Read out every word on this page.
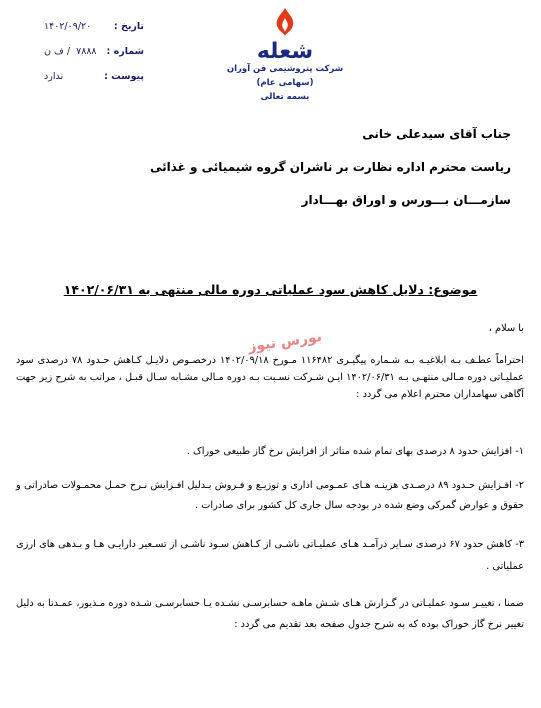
تاریخ :
۱۴۰۲/۰۹/۲۰
شماره :
۷۸۸۸  / ف ن
پیوست :
ندارد
شعله
شرکت پتروشیمی فن آوران
(سهامی عام)
بسمه تعالی
جناب آقای سیدعلی خانی
ریاست محترم اداره نظارت بر ناشران گروه شیمیائی و غذائی
سازمـــان بـــورس و اوراق بهـــادار
موضوع: دلایل کاهش سود عملیاتی دوره مالی منتهی به ۱۴۰۲/۰۶/۳۱
با سلام ،
بورس نیوز
احتراماً عطـف بـه ابلاغیـه بـه شـماره پیگیـری ۱۱۶۴۸۲ مـورخ ۱۴۰۲/۰۹/۱۸ درخصـوص دلایـل کـاهش حـدود ۷۸ درصدی سود عملیـاتی دوره مـالی منتهـی بـه ۱۴۰۲/۰۶/۳۱ ایـن شـرکت نسـبت بـه دوره مـالی مشـابه سـال قبـل ، مراتب به شرح زیر جهت آگاهی سهامداران محترم اعلام می گردد :
۱- افزایش حدود ۸ درصدی بهای تمام شده متاثر از افزایش نرخ گاز طبیعی خوراک .
۲- افـزایش حـدود ۸۹ درصـدی هزینـه هـای عمـومی اداری و توزیـع و فـروش بـدلیل افـزایش نـرخ حمـل محمـولات صادراتی و حقوق و عوارض گمرکی وضع شده در بودجه سال جاری کل کشور برای صادرات .
۳- کاهش حدود ۶۷ درصدی سـایر درآمـد هـای عملیـاتی ناشـی از کـاهش سـود ناشـی از تسـعیر دارایـی هـا و بـدهی های ارزی عملیاتی .
ضمنا ، تغییـر سـود عملیـاتی در گـزارش هـای شـش ماهـه حسابرسـی نشـده یـا حسابرسـی شـده دوره مـذیور، عمـدتا به دلیل تغییر نرخ گاز خوراک بوده که به شرح جدول صفحه بعد تقدیم می گردد :
